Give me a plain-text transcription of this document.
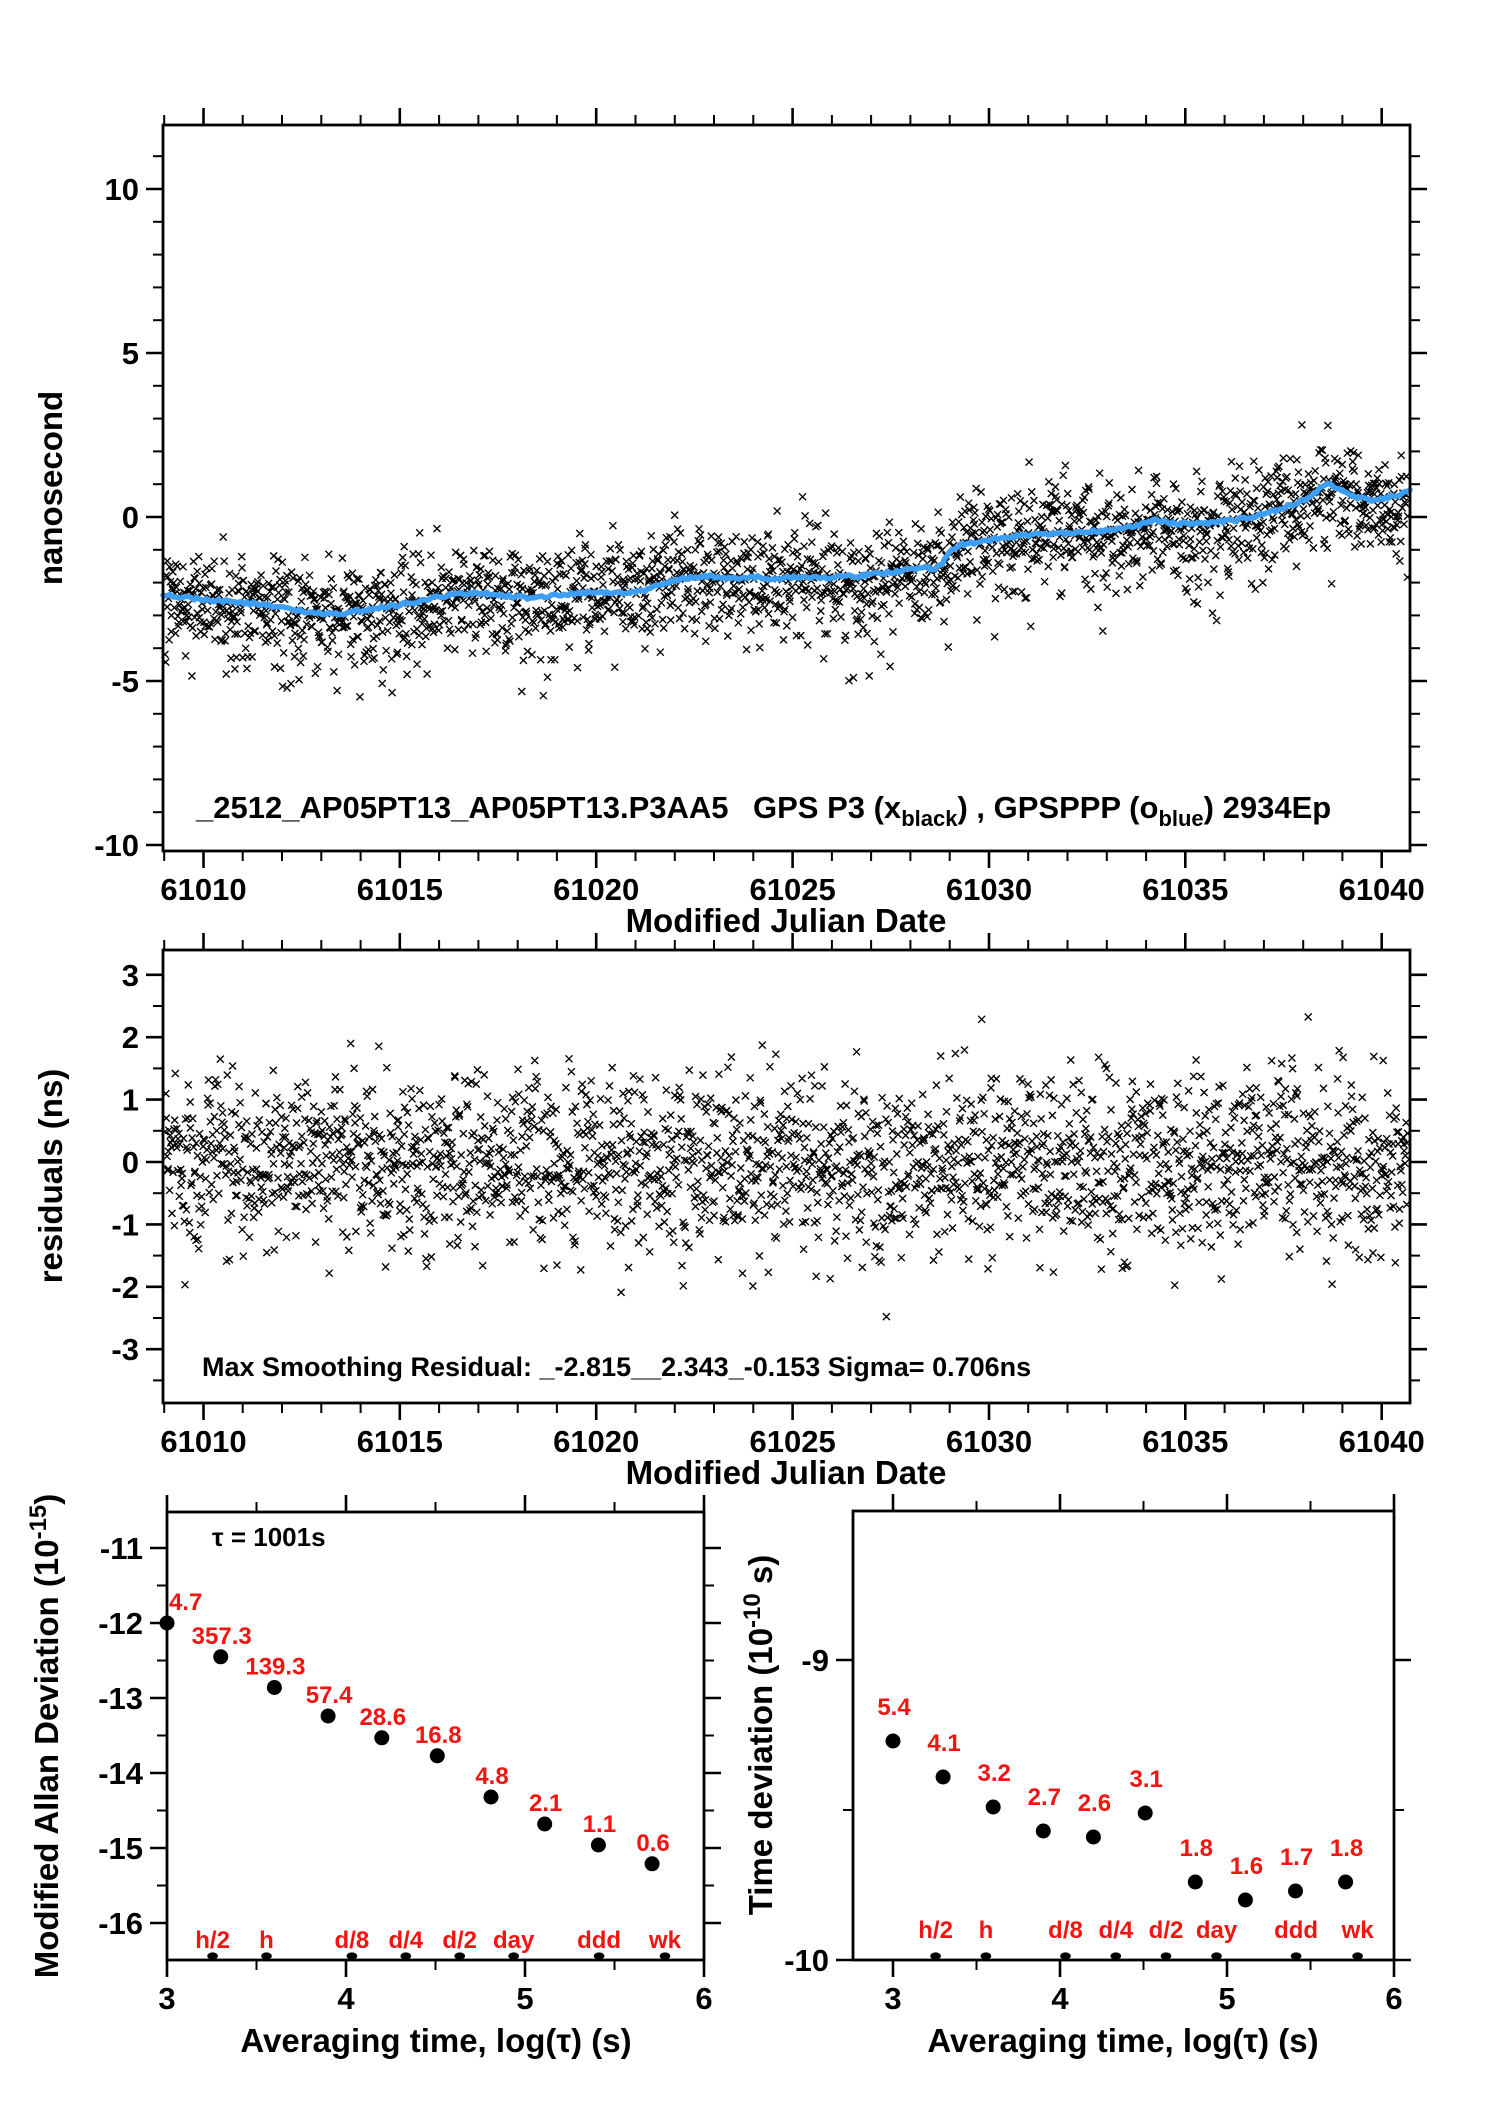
61010	61015	61020	61025	61030	61035	61040
10
5
0
-5
-10
_2512_AP05PT13_AP05PT13.P3AA5 GPS P3 $(x_{black})$ , GPSPPP $(o_{blue})$ 2934Ep
Modified Julian Date
nanosecond
61010	61015	61020	61025	61030	61035	61040
3
2
1
0
-1
-2
-3 Max Smoothing Residual: _-2.815__2.343_-0.153 Sigma= 0.706ns
Modified Julian Date
residuals (ns)
3	4	5	6
-11
-12
-13
-14
-15
-16
4.7
357.3
139.3
57.4
28.6
16.8
4.8
2.1
1.1
0.6
h/2 h	d/8 d/4 d/2 day ddd wk
τ = 1001s
Averaging time, log(τ) (s)
Modified Allan Deviation $(10^{-15})$
3	4	5	6
-9
-10
5.4
4.1
3.2
2.7 2.6
3.1
1.8
1.6 1.7 1.8
h/2 h d/8 d/4 d/2 day ddd wk
Averaging time, log(τ) (s)
Time deviation ($10^{-10}$ s)
